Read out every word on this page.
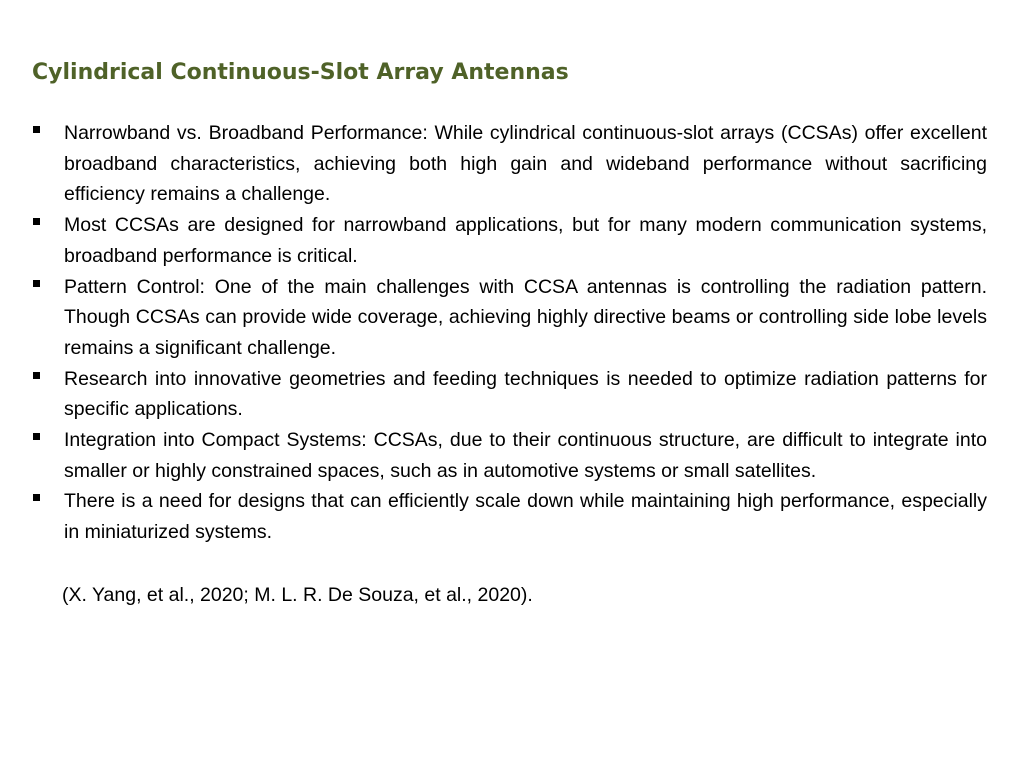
Cylindrical Continuous-Slot Array Antennas
Narrowband vs. Broadband Performance: While cylindrical continuous-slot arrays (CCSAs) offer excellent broadband characteristics, achieving both high gain and wideband performance without sacrificing efficiency remains a challenge.
Most CCSAs are designed for narrowband applications, but for many modern communication systems, broadband performance is critical.
Pattern Control: One of the main challenges with CCSA antennas is controlling the radiation pattern. Though CCSAs can provide wide coverage, achieving highly directive beams or controlling side lobe levels remains a significant challenge.
Research into innovative geometries and feeding techniques is needed to optimize radiation patterns for specific applications.
Integration into Compact Systems: CCSAs, due to their continuous structure, are difficult to integrate into smaller or highly constrained spaces, such as in automotive systems or small satellites.
There is a need for designs that can efficiently scale down while maintaining high performance, especially in miniaturized systems.

(X. Yang, et al., 2020; M. L. R. De Souza, et al., 2020).
